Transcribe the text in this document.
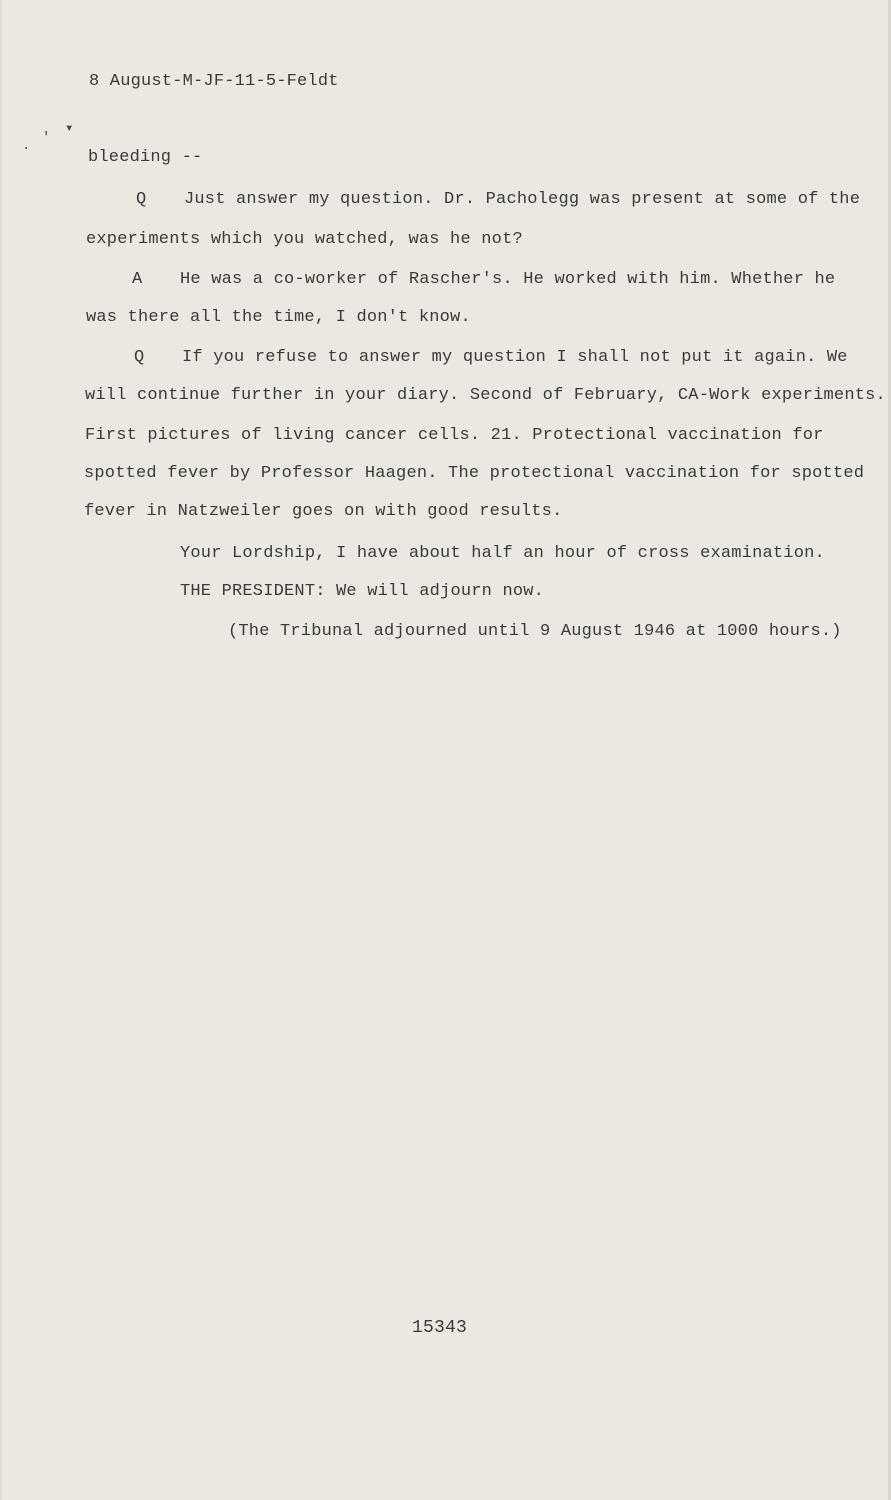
8 August-M-JF-11-5-Feldt
. '
▾
bleeding --
Q Just answer my question. Dr. Pacholegg was present at some of the
experiments which you watched, was he not?
A He was a co-worker of Rascher's. He worked with him. Whether he
was there all the time, I don't know.
Q If you refuse to answer my question I shall not put it again. We
will continue further in your diary. Second of February, CA-Work experiments.
First pictures of living cancer cells. 21. Protectional vaccination for
spotted fever by Professor Haagen. The protectional vaccination for spotted
fever in Natzweiler goes on with good results.
Your Lordship, I have about half an hour of cross examination.
THE PRESIDENT: We will adjourn now.
(The Tribunal adjourned until 9 August 1946 at 1000 hours.)
15343
